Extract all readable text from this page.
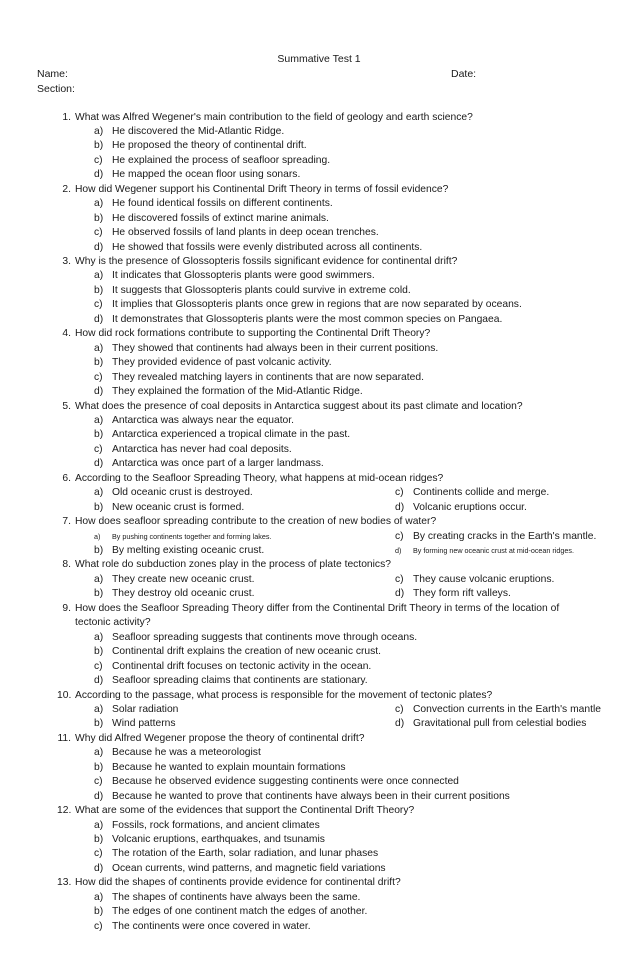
Summative Test 1
Name:	Date:
Section:
1. What was Alfred Wegener's main contribution to the field of geology and earth science?
a) He discovered the Mid-Atlantic Ridge.
b) He proposed the theory of continental drift.
c) He explained the process of seafloor spreading.
d) He mapped the ocean floor using sonars.
2. How did Wegener support his Continental Drift Theory in terms of fossil evidence?
a) He found identical fossils on different continents.
b) He discovered fossils of extinct marine animals.
c) He observed fossils of land plants in deep ocean trenches.
d) He showed that fossils were evenly distributed across all continents.
3. Why is the presence of Glossopteris fossils significant evidence for continental drift?
a) It indicates that Glossopteris plants were good swimmers.
b) It suggests that Glossopteris plants could survive in extreme cold.
c) It implies that Glossopteris plants once grew in regions that are now separated by oceans.
d) It demonstrates that Glossopteris plants were the most common species on Pangaea.
4. How did rock formations contribute to supporting the Continental Drift Theory?
a) They showed that continents had always been in their current positions.
b) They provided evidence of past volcanic activity.
c) They revealed matching layers in continents that are now separated.
d) They explained the formation of the Mid-Atlantic Ridge.
5. What does the presence of coal deposits in Antarctica suggest about its past climate and location?
a) Antarctica was always near the equator.
b) Antarctica experienced a tropical climate in the past.
c) Antarctica has never had coal deposits.
d) Antarctica was once part of a larger landmass.
6. According to the Seafloor Spreading Theory, what happens at mid-ocean ridges?
a) Old oceanic crust is destroyed.
b) New oceanic crust is formed.
c) Continents collide and merge.
d) Volcanic eruptions occur.
7. How does seafloor spreading contribute to the creation of new bodies of water?
a)	By pushing continents together and forming lakes.
b) By melting existing oceanic crust.
c) By creating cracks in the Earth's mantle.
d)	By forming new oceanic crust at mid-ocean ridges.
8. What role do subduction zones play in the process of plate tectonics?
a) They create new oceanic crust.
b) They destroy old oceanic crust.
c) They cause volcanic eruptions.
d) They form rift valleys.
9. How does the Seafloor Spreading Theory differ from the Continental Drift Theory in terms of the location of tectonic activity?
a) Seafloor spreading suggests that continents move through oceans.
b) Continental drift explains the creation of new oceanic crust.
c) Continental drift focuses on tectonic activity in the ocean.
d) Seafloor spreading claims that continents are stationary.
10. According to the passage, what process is responsible for the movement of tectonic plates?
a) Solar radiation
b) Wind patterns
c) Convection currents in the Earth's mantle
d) Gravitational pull from celestial bodies
11. Why did Alfred Wegener propose the theory of continental drift?
a) Because he was a meteorologist
b) Because he wanted to explain mountain formations
c) Because he observed evidence suggesting continents were once connected
d) Because he wanted to prove that continents have always been in their current positions
12. What are some of the evidences that support the Continental Drift Theory?
a) Fossils, rock formations, and ancient climates
b) Volcanic eruptions, earthquakes, and tsunamis
c) The rotation of the Earth, solar radiation, and lunar phases
d) Ocean currents, wind patterns, and magnetic field variations
13. How did the shapes of continents provide evidence for continental drift?
a) The shapes of continents have always been the same.
b) The edges of one continent match the edges of another.
c) The continents were once covered in water.
